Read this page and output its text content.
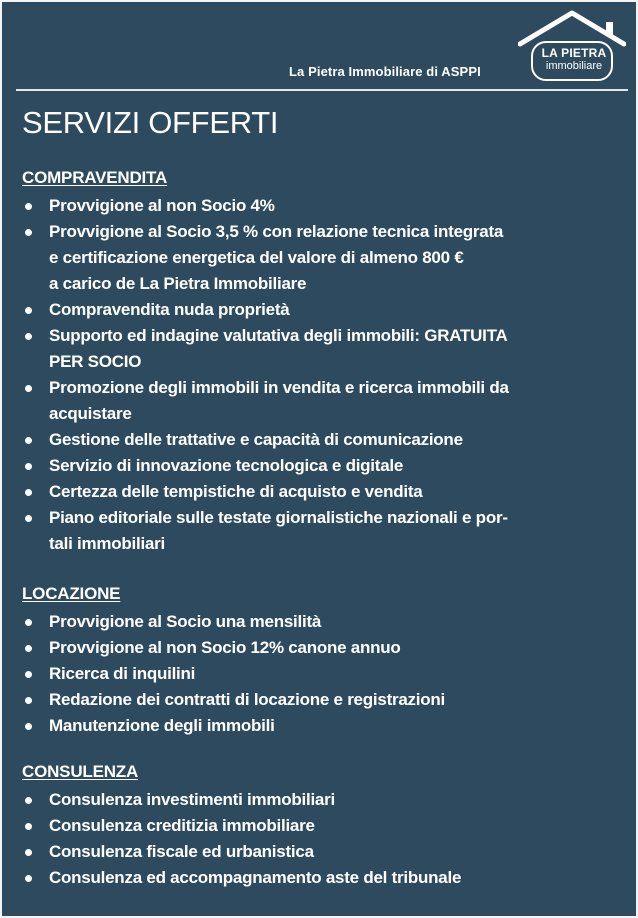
La Pietra Immobiliare di ASPPI
LA PIETRA
immobiliare
SERVIZI OFFERTI
COMPRAVENDITA
Provvigione al non Socio 4%
Provvigione al Socio 3,5 % con relazione tecnica integrata
e certificazione energetica del valore di almeno 800 €
a carico de La Pietra Immobiliare
Compravendita nuda proprietà
Supporto ed indagine valutativa degli immobili: GRATUITA
PER SOCIO
Promozione degli immobili in vendita e ricerca immobili da
acquistare
Gestione delle trattative e capacità di comunicazione
Servizio di innovazione tecnologica e digitale
Certezza delle tempistiche di acquisto e vendita
Piano editoriale sulle testate giornalistiche nazionali e por-
tali immobiliari
LOCAZIONE
Provvigione al Socio una mensilità
Provvigione al non Socio 12% canone annuo
Ricerca di inquilini
Redazione dei contratti di locazione e registrazioni
Manutenzione degli immobili
CONSULENZA
Consulenza investimenti immobiliari
Consulenza creditizia immobiliare
Consulenza fiscale ed urbanistica
Consulenza ed accompagnamento aste del tribunale
